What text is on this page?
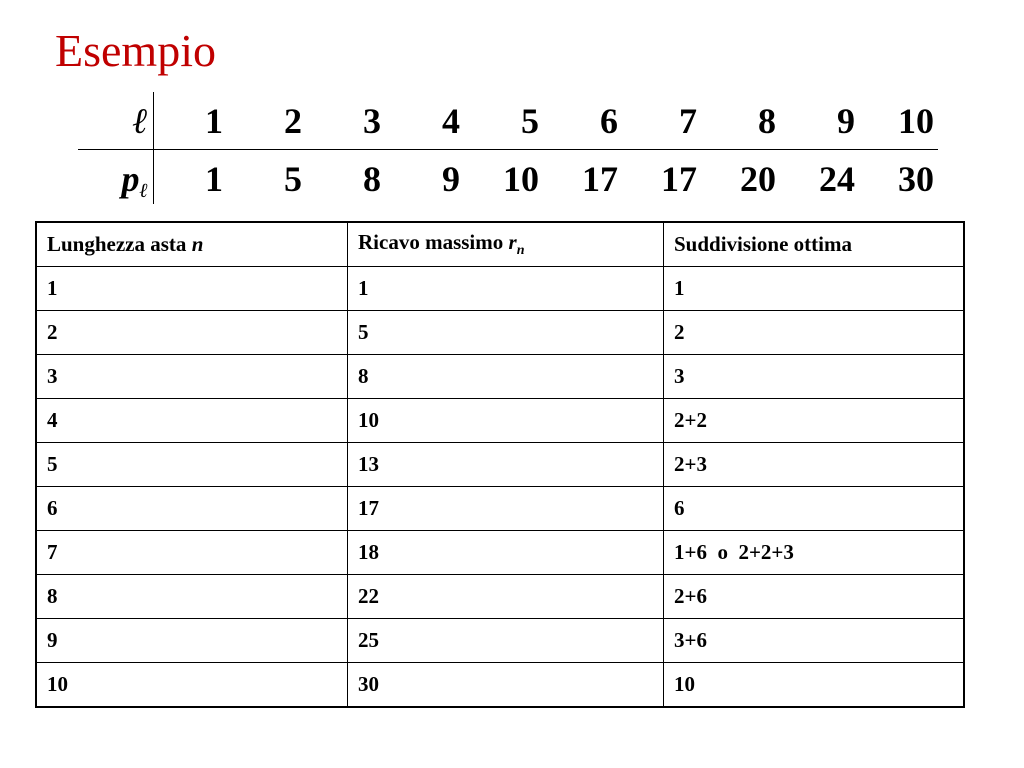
Esempio
ℓ	1	2	3	4	5	6	7	8	9	10
$p_\ell$	1	5	8	9	10	17	17	20	24	30
Lunghezza asta n	Ricavo massimo $r_n$	Suddivisione ottima
1	1	1
2	5	2
3	8	3
4	10	2+2
5	13	2+3
6	17	6
7	18	1+6  o  2+2+3
8	22	2+6
9	25	3+6
10	30	10
